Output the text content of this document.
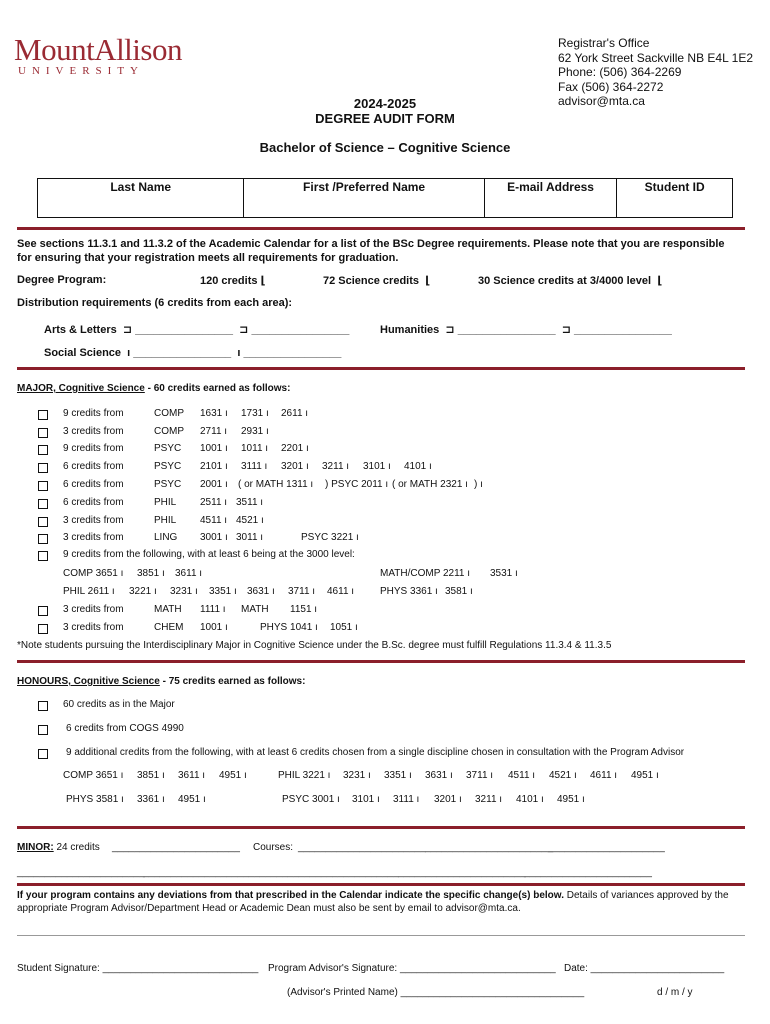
MountAllison
UNIVERSITY
Registrar's Office
62 York Street Sackville NB E4L 1E2
Phone: (506) 364-2269
Fax (506) 364-2272
advisor@mta.ca
2024-2025
DEGREE AUDIT FORM
Bachelor of Science – Cognitive Science
Last Name	First /Preferred Name	E-mail Address	Student ID
See sections 11.3.1 and 11.3.2 of the Academic Calendar for a list of the BSc Degree requirements. Please note that you are responsible
for ensuring that your registration meets all requirements for graduation.
Degree Program:	120 credits ⌊	72 Science credits ⌊	30 Science credits at 3/4000 level ⌊
Distribution requirements (6 credits from each area):
Arts & Letters ⊐ ________________ ⊐ ________________	Humanities ⊐ ________________ ⊐ ________________
Social Science ı ________________ ı ________________
MAJOR, Cognitive Science - 60 credits earned as follows:
9 credits from	COMP 1631 ı 1731 ı 2611 ı
3 credits from	COMP 2711 ı 2931 ı
9 credits from	PSYC 1001 ı 1011 ı 2201 ı
6 credits from	PSYC 2101 ı 3111 ı 3201 ı 3211 ı 3101 ı 4101 ı
6 credits from	PSYC 2001 ı ( or MATH 1311 ı ) PSYC 2011 ı ( or MATH 2321 ı ) ı
6 credits from	PHIL 2511 ı 3511 ı
3 credits from	PHIL 4511 ı 4521 ı
3 credits from	LING 3001 ı 3011 ı	PSYC 3221 ı
9 credits from the following, with at least 6 being at the 3000 level:
COMP 3651 ı 3851 ı 3611 ı	MATH/COMP 2211 ı 3531 ı
PHIL 2611 ı 3221 ı 3231 ı 3351 ı 3631 ı 3711 ı 4611 ı	PHYS 3361 ı 3581 ı
3 credits from	MATH 1111 ı MATH 1151 ı
3 credits from	CHEM 1001 ı	PHYS 1041 ı 1051 ı
*Note students pursuing the Interdisciplinary Major in Cognitive Science under the B.Sc. degree must fulfill Regulations 11.3.4 & 11.3.5
HONOURS, Cognitive Science - 75 credits earned as follows:
60 credits as in the Major
6 credits from COGS 4990
9 additional credits from the following, with at least 6 credits chosen from a single discipline chosen in consultation with the Program Advisor
COMP 3651 ı 3851 ı 3611 ı 4951 ı	PHIL 3221 ı 3231 ı 3351 ı 3631 ı 3711 ı 4511 ı 4521 ı 4611 ı 4951 ı
PHYS 3581 ı 3361 ı 4951 ı	PSYC 3001 ı 3101 ı 3111 ı 3201 ı 3211 ı 4101 ı 4951 ı
MINOR: 24 credits _______________________ Courses: _______________________ _______________________
_____________________
_______________________
_______________________ _______________________ _______________________
_______________________
If your program contains any deviations from that prescribed in the Calendar indicate the specific change(s) below. Details of variances approved by the
appropriate Program Advisor/Department Head or Academic Dean must also be sent by email to advisor@mta.ca.
Student Signature: ____________________________ Program Advisor's Signature: ____________________________ Date: ________________________
(Advisor's Printed Name) _________________________________	d / m / y
